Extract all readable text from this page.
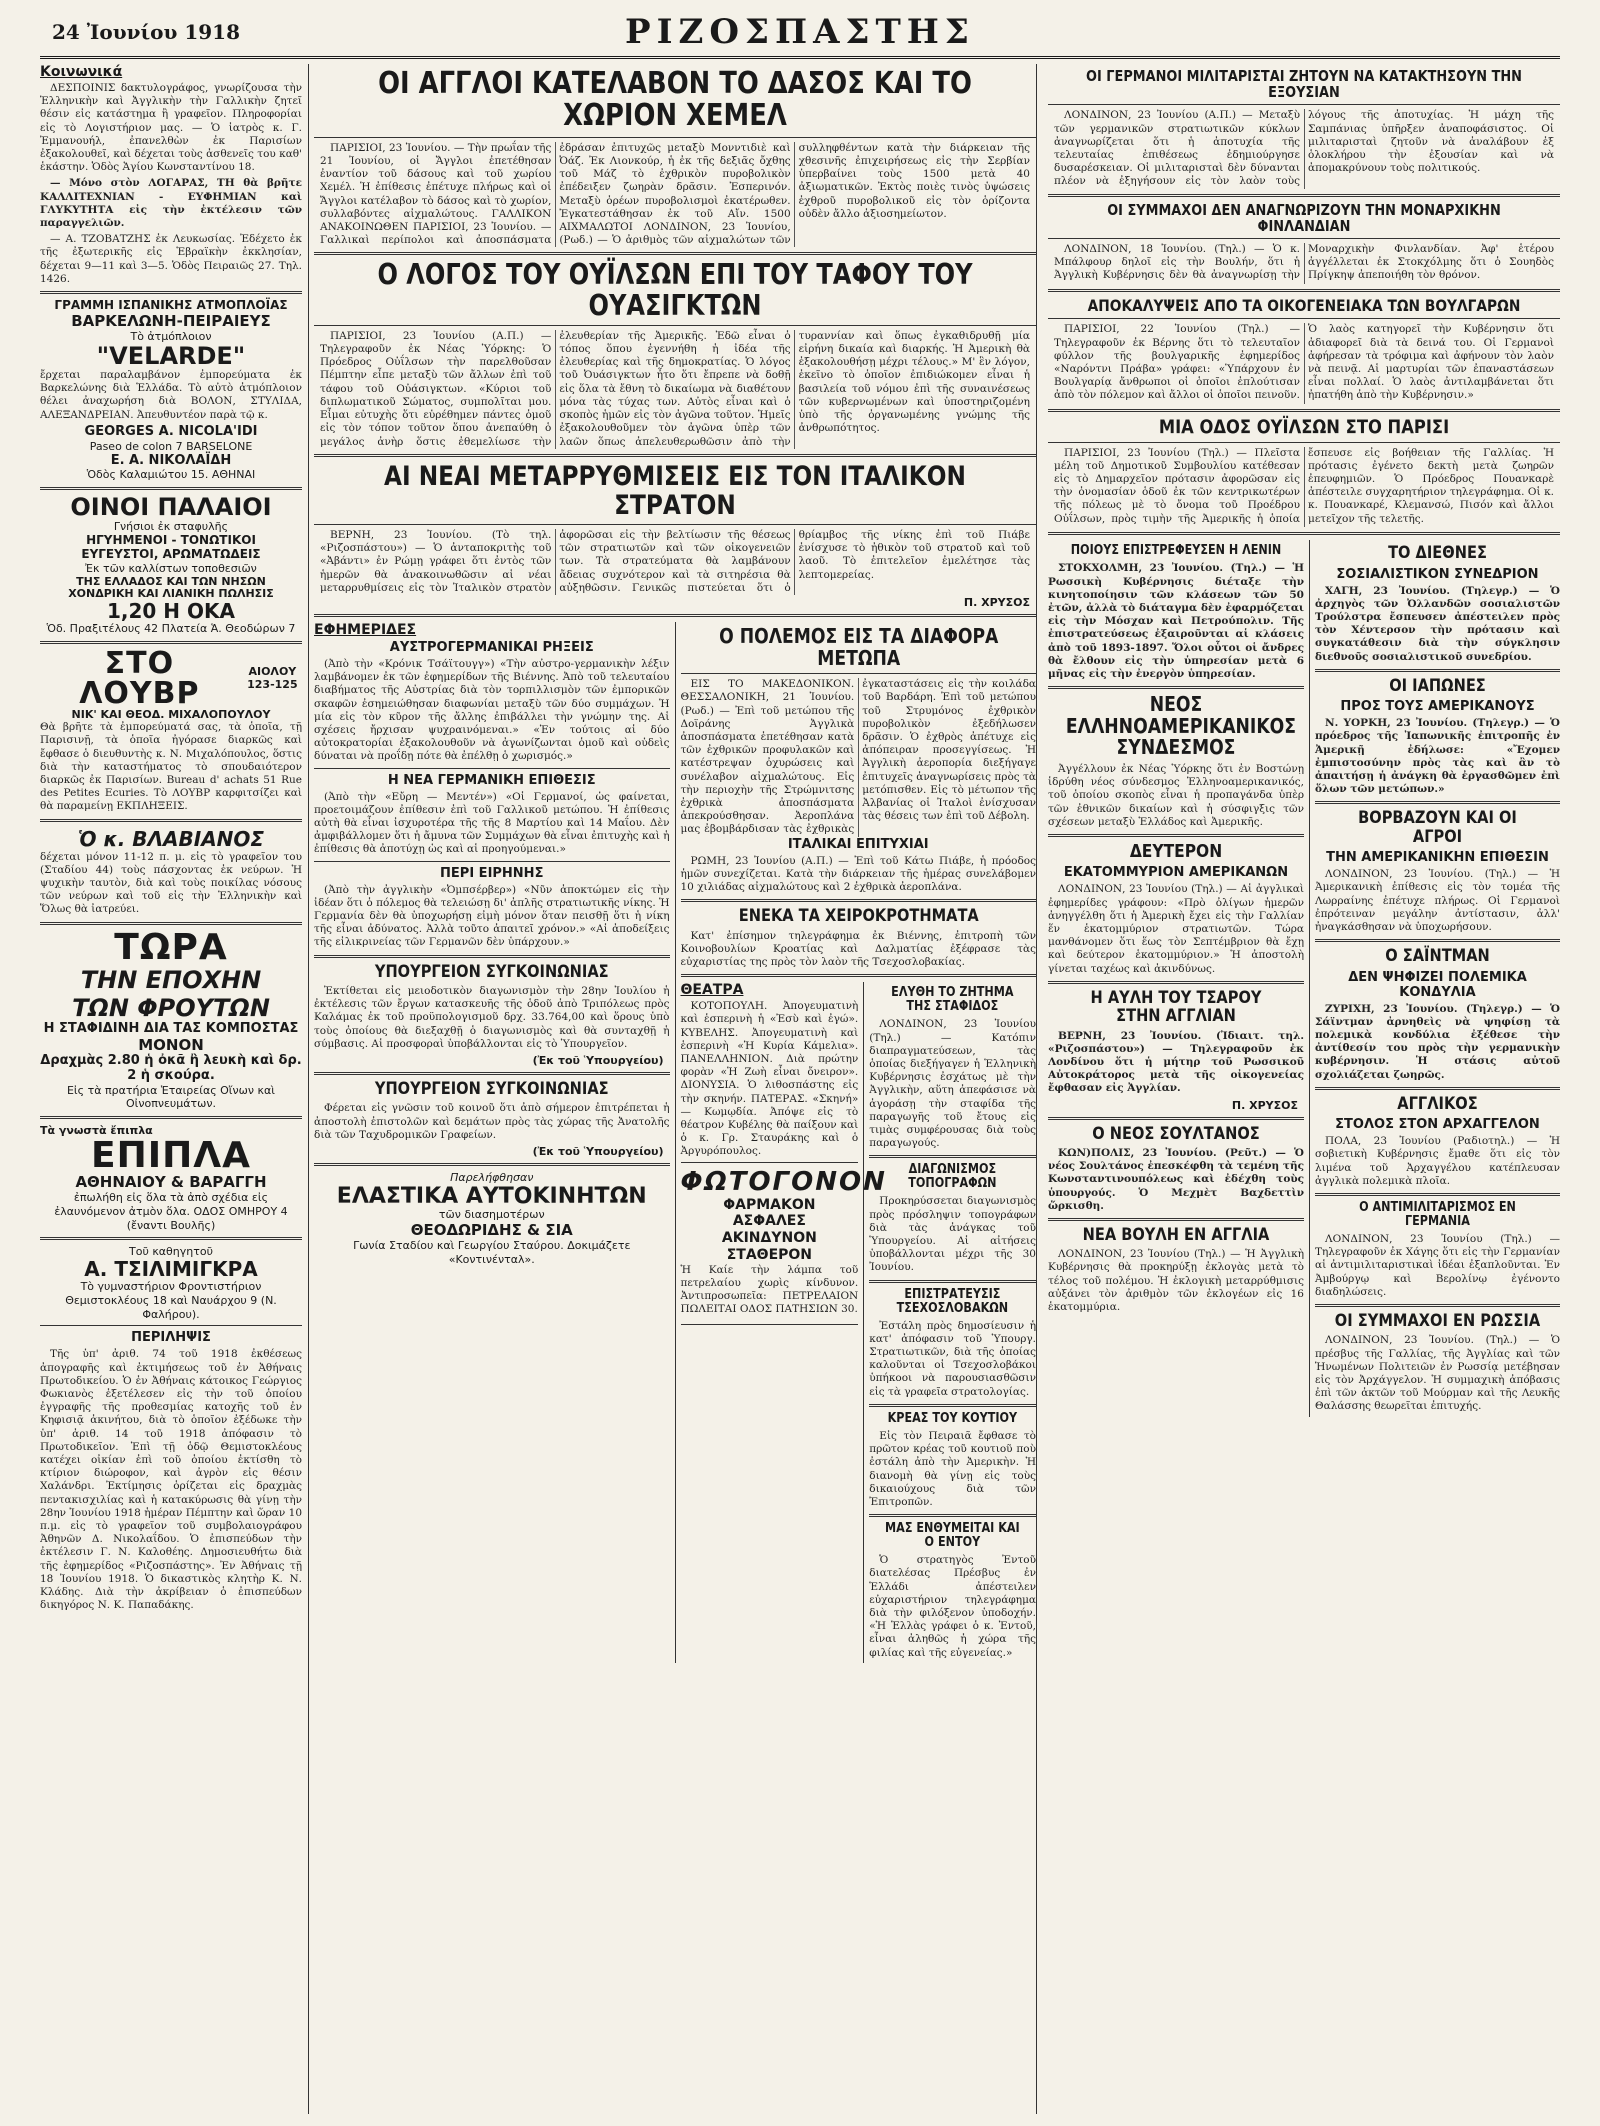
24 Ἰουνίου 1918	ΡΙΖΟΣΠΑΣΤΗΣ
Κοινωνικά

ΔΕΣΠΟΙΝΙΣ δακτυλογράφος, γνωρίζουσα τὴν Ἑλληνικὴν καὶ Ἀγγλικὴν τὴν Γαλλικὴν ζητεῖ θέσιν εἰς κατάστημα ἢ γραφεῖον. Πληροφορίαι εἰς τὸ Λογιστήριον μας. — Ὁ ἰατρὸς κ. Γ. Ἐμμανουήλ, ἐπανελθὼν ἐκ Παρισίων ἐξακολουθεῖ, καὶ δέχεται τοὺς ἀσθενεῖς του καθ' ἑκάστην. Ὁδὸς Ἁγίου Κωνσταντίνου 18.

— Μόνο στὸν ΛΟΓΑΡΑΣ, ΤΗ θὰ βρῆτε ΚΑΛΛΙΤΕΧΝΙΑΝ - ΕΥΦΗΜΙΑΝ καὶ ΓΛΥΚΥΤΗΤΑ εἰς τὴν ἐκτέλεσιν τῶν παραγγελιῶν.

— Α. ΤΖΟΒΑΤΖΗΣ ἐκ Λευκωσίας. Ἐδέχετο ἐκ τῆς ἐξωτερικῆς εἰς Ἑβραϊκὴν ἐκκλησίαν, δέχεται 9—11 καὶ 3—5. Ὁδὸς Πειραιῶς 27. Τηλ. 1426.

ΓΡΑΜΜΗ ΙΣΠΑΝΙΚΗΣ ΑΤΜΟΠΛΟΪΑΣ
ΒΑΡΚΕΛΩΝΗ-ΠΕΙΡΑΙΕΥΣ
Τὸ ἀτμόπλοιον
"VELARDE"

ἔρχεται παραλαμβάνον ἐμπορεύματα ἐκ Βαρκελώνης διὰ Ἑλλάδα. Τὸ αὐτὸ ἀτμόπλοιον θέλει ἀναχωρήση διὰ ΒΟΛΟΝ, ΣΤΥΛΙΔΑ, ΑΛΕΞΑΝΔΡΕΙΑΝ. Ἀπευθυντέον παρὰ τῷ κ.

GEORGES A. NICOLA'IDI
Paseo de colon 7 BARSELONE
Ε. Α. ΝΙΚΟΛΑΪΔΗ
Ὁδὸς Καλαμιώτου 15. ΑΘΗΝΑΙ
ΟΙΝΟΙ ΠΑΛΑΙΟΙ
Γνήσιοι ἐκ σταφυλῆς
ΗΓΥΗΜΕΝΟΙ - ΤΟΝΩΤΙΚΟΙ
ΕΥΓΕΥΣΤΟΙ, ΑΡΩΜΑΤΩΔΕΙΣ
Ἐκ τῶν καλλίστων τοποθεσιῶν
ΤΗΣ ΕΛΛΑΔΟΣ ΚΑΙ ΤΩΝ ΝΗΣΩΝ
ΧΟΝΔΡΙΚΗ ΚΑΙ ΛΙΑΝΙΚΗ ΠΩΛΗΣΙΣ
1,20 Η ΟΚΑ
Ὁδ. Πραξιτέλους 42 Πλατεία Ἁ. Θεοδώρων 7
ΣΤΟ ΛΟΥΒΡ
ΑΙΟΛΟΥ 123-125
ΝΙΚ' ΚΑΙ ΘΕΟΔ. ΜΙΧΑΛΟΠΟΥΛΟΥ

Θὰ βρῆτε τὰ ἐμπορεύματά σας, τὰ ὁποῖα, τῇ Παρισινῇ, τὰ ὁποῖα ἠγόρασε διαρκῶς καὶ ἔφθασε ὁ διευθυντὴς κ. Ν. Μιχαλόπουλος, ὅστις διὰ τὴν καταστήματος τὸ σπουδαιότερον διαρκῶς ἐκ Παρισίων. Bureau d' achats 51 Rue des Petites Ecuries. Τὸ ΛΟΥΒΡ καρφιτσίζει καὶ θὰ παραμείνῃ ΕΚΠΛΗΞΕΙΣ.

Ὁ κ. ΒΛΑΒΙΑΝΟΣ

δέχεται μόνον 11-12 π. μ. εἰς τὸ γραφεῖον του (Σταδίου 44) τοὺς πάσχοντας ἐκ νεύρων. Ἡ ψυχικὴν ταυτὸν, διὰ καὶ τοὺς ποικίλας νόσους τῶν νεύρων καὶ τοῦ εἰς τὴν Ἑλληνικὴν καὶ Ὅλως θὰ ἰατρεύει.

ΤΩΡΑ
ΤΗΝ ΕΠΟΧΗΝ
ΤΩΝ ΦΡΟΥΤΩΝ
Η ΣΤΑΦΙΔΙΝΗ ΔΙΑ ΤΑΣ ΚΟΜΠΟΣΤΑΣ
ΜΟΝΟΝ
Δραχμὰς 2.80 ἡ ὀκᾶ ἢ λευκὴ καὶ δρ. 2 ἡ σκούρα.
Εἰς τὰ πρατήρια Ἑταιρείας Οἴνων καὶ Οἰνοπνευμάτων.
Τὰ γνωστὰ ἔπιπλα
ΕΠΙΠΛΑ
ΑΘΗΝΑΙΟΥ & ΒΑΡΑΓΓΗ
ἐπωλήθη εἰς ὅλα τὰ ἀπὸ σχέδια εἰς ἐλαυνόμενον ἀτμὸν ὅλα. ΟΔΟΣ ΟΜΗΡΟΥ 4 (ἔναντι Βουλῆς)
Τοῦ καθηγητοῦ
Α. ΤΣΙΛΙΜΙΓΚΡΑ
Τὸ γυμναστήριον Φροντιστήριον Θεμιστοκλέους 18 καὶ Ναυάρχου 9 (Ν. Φαλήρου).
ΠΕΡΙΛΗΨΙΣ

Τῆς ὑπ' ἀριθ. 74 τοῦ 1918 ἐκθέσεως ἀπογραφῆς καὶ ἐκτιμήσεως τοῦ ἐν Ἀθήναις Πρωτοδικείου. Ὁ ἐν Ἀθήναις κάτοικος Γεώργιος Φωκιανὸς ἐξετέλεσεν εἰς τὴν τοῦ ὁποίου ἐγγραφῆς τῆς προθεσμίας κατοχῆς τοῦ ἐν Κηφισιᾷ ἀκινήτου, διὰ τὸ ὁποῖον ἐξέδωκε τὴν ὑπ' ἀριθ. 14 τοῦ 1918 ἀπόφασιν τὸ Πρωτοδικεῖον. Ἐπὶ τῇ ὁδῷ Θεμιστοκλέους κατέχει οἰκίαν ἐπὶ τοῦ ὁποίου ἐκτίσθη τὸ κτίριον διώροφον, καὶ ἀγρὸν εἰς θέσιν Χαλάνδρι. Ἐκτίμησις ὁρίζεται εἰς δραχμὰς πεντακισχιλίας καὶ ἡ κατακύρωσις θὰ γίνῃ τὴν 28ην Ἰουνίου 1918 ἡμέραν Πέμπτην καὶ ὥραν 10 π.μ. εἰς τὸ γραφεῖον τοῦ συμβολαιογράφου Ἀθηνῶν Δ. Νικολαΐδου. Ὁ ἐπισπεύδων τὴν ἐκτέλεσιν Γ. Ν. Καλοθέης. Δημοσιευθήτω διὰ τῆς ἐφημερίδος «Ριζοσπάστης». Ἐν Ἀθήναις τῇ 18 Ἰουνίου 1918. Ὁ δικαστικὸς κλητὴρ Κ. Ν. Κλάδης. Διὰ τὴν ἀκρίβειαν ὁ ἐπισπεύδων δικηγόρος Ν. Κ. Παπαδάκης.

ΟΙ ΑΓΓΛΟΙ ΚΑΤΕΛΑΒΟΝ ΤΟ ΔΑΣΟΣ ΚΑΙ ΤΟ ΧΩΡΙΟΝ ΧΕΜΕΛ

ΠΑΡΙΣΙΟΙ, 23 Ἰουνίου. — Τὴν πρωΐαν τῆς 21 Ἰουνίου, οἱ Ἄγγλοι ἐπετέθησαν ἐναντίον τοῦ δάσους καὶ τοῦ χωρίου Χεμέλ. Ἡ ἐπίθεσις ἐπέτυχε πλήρως καὶ οἱ Ἄγγλοι κατέλαβον τὸ δάσος καὶ τὸ χωρίον, συλλαβόντες αἰχμαλώτους. ΓΑΛΛΙΚΟΝ ΑΝΑΚΟΙΝΩΘΕΝ ΠΑΡΙΣΙΟΙ, 23 Ἰουνίου. — Γαλλικαὶ περίπολοι καὶ ἀποσπάσματα ἐδράσαν ἐπιτυχῶς μεταξὺ Μονντιδιὲ καὶ Ὀάζ. Ἐκ Λιονκούρ, ἡ ἐκ τῆς δεξιᾶς ὄχθης τοῦ Μάζ τὸ ἐχθρικὸν πυροβολικὸν ἐπέδειξεν ζωηρὰν δρᾶσιν. Ἐσπερινόν. Μεταξὺ ὀρέων πυροβολισμοὶ ἐκατέρωθεν. Ἐγκατεστάθησαν ἐκ τοῦ Αἴν. 1500 ΑΙΧΜΑΛΩΤΟΙ ΛΟΝΔΙΝΟΝ, 23 Ἰουνίου, (Ρωδ.) — Ὁ ἀριθμὸς τῶν αἰχμαλώτων τῶν συλληφθέντων κατὰ τὴν διάρκειαν τῆς χθεσινῆς ἐπιχειρήσεως εἰς τὴν Σερβίαν ὑπερβαίνει τοὺς 1500 μετὰ 40 ἀξιωματικῶν. Ἐκτὸς ποιὲς τινὸς ὑψώσεις ἐχθροῦ πυροβολικοῦ εἰς τὸν ὁρίζοντα οὐδὲν ἄλλο ἀξιοσημείωτον.

Ο ΛΟΓΟΣ ΤΟΥ ΟΥΪΛΣΩΝ ΕΠΙ ΤΟΥ ΤΑΦΟΥ ΤΟΥ ΟΥΑΣΙΓΚΤΩΝ

ΠΑΡΙΣΙΟΙ, 23 Ἰουνίου (Α.Π.) — Τηλεγραφοῦν ἐκ Νέας Ὑόρκης: Ὁ Πρόεδρος Οὐΐλσων τὴν παρελθοῦσαν Πέμπτην εἶπε μεταξὺ τῶν ἄλλων ἐπὶ τοῦ τάφου τοῦ Οὐάσιγκτων. «Κύριοι τοῦ διπλωματικοῦ Σώματος, συμπολῖται μου. Εἶμαι εὐτυχὴς ὅτι εὑρέθημεν πάντες ὁμοῦ εἰς τὸν τόπον τοῦτον ὅπου ἀνεπαύθη ὁ μεγάλος ἀνὴρ ὅστις ἐθεμελίωσε τὴν ἐλευθερίαν τῆς Ἀμερικῆς. Ἐδῶ εἶναι ὁ τόπος ὅπου ἐγεννήθη ἡ ἰδέα τῆς ἐλευθερίας καὶ τῆς δημοκρατίας. Ὁ λόγος τοῦ Ὀυάσιγκτων ἦτο ὅτι ἔπρεπε νὰ δοθῇ εἰς ὅλα τὰ ἔθνη τὸ δικαίωμα νὰ διαθέτουν μόνα τὰς τύχας των. Αὐτὸς εἶναι καὶ ὁ σκοπὸς ἡμῶν εἰς τὸν ἀγῶνα τοῦτον. Ἡμεῖς ἐξακολουθοῦμεν τὸν ἀγῶνα ὑπὲρ τῶν λαῶν ὅπως ἀπελευθερωθῶσιν ἀπὸ τὴν τυραννίαν καὶ ὅπως ἐγκαθιδρυθῇ μία εἰρήνη δικαία καὶ διαρκής. Ἡ Ἀμερικὴ θὰ ἐξακολουθήσῃ μέχρι τέλους.» Μ' ἓν λόγον, ἐκεῖνο τὸ ὁποῖον ἐπιδιώκομεν εἶναι ἡ βασιλεία τοῦ νόμου ἐπὶ τῆς συναινέσεως τῶν κυβερνωμένων καὶ ὑποστηριζομένη ὑπὸ τῆς ὀργανωμένης γνώμης τῆς ἀνθρωπότητος.

ΑΙ ΝΕΑΙ ΜΕΤΑΡΡΥΘΜΙΣΕΙΣ ΕΙΣ ΤΟΝ ΙΤΑΛΙΚΟΝ ΣΤΡΑΤΟΝ

ΒΕΡΝΗ, 23 Ἰουνίου. (Τὸ τηλ. «Ριζοσπάστου») — Ὁ ἀνταποκριτὴς τοῦ «Ἀβάντι» ἐν Ρώμῃ γράφει ὅτι ἐντὸς τῶν ἡμερῶν θὰ ἀνακοινωθῶσιν αἱ νέαι μεταρρυθμίσεις εἰς τὸν Ἰταλικὸν στρατὸν ἀφορῶσαι εἰς τὴν βελτίωσιν τῆς θέσεως τῶν στρατιωτῶν καὶ τῶν οἰκογενειῶν των. Τὰ στρατεύματα θὰ λαμβάνουν ἄδειας συχνότερον καὶ τὰ σιτηρέσια θὰ αὐξηθῶσιν. Γενικῶς πιστεύεται ὅτι ὁ θρίαμβος τῆς νίκης ἐπὶ τοῦ Πιάβε ἐνίσχυσε τὸ ἠθικὸν τοῦ στρατοῦ καὶ τοῦ λαοῦ. Τὸ ἐπιτελεῖον ἐμελέτησε τὰς λεπτομερείας.

Π. ΧΡΥΣΟΣ
ΕΦΗΜΕΡΙΔΕΣ
ΑΥΣΤΡΟΓΕΡΜΑΝΙΚΑΙ ΡΗΞΕΙΣ

(Ἀπὸ τὴν «Κρόνικ Τσάϊτουγγ») «Τὴν αὐστρο-γερμανικὴν λέξιν λαμβάνομεν ἐκ τῶν ἐφημερίδων τῆς Βιέννης. Ἀπὸ τοῦ τελευταίου διαβήματος τῆς Αὐστρίας διὰ τὸν τορπιλλισμὸν τῶν ἐμπορικῶν σκαφῶν ἐσημειώθησαν διαφωνίαι μεταξὺ τῶν δύο συμμάχων. Ἡ μία εἰς τὸν κῦρον τῆς ἄλλης ἐπιβάλλει τὴν γνώμην της. Αἱ σχέσεις ἤρχισαν ψυχραινόμεναι.» «Ἐν τούτοις αἱ δύο αὐτοκρατορίαι ἐξακολουθοῦν νὰ ἀγωνίζωνται ὁμοῦ καὶ οὐδεὶς δύναται νὰ προΐδῃ πότε θὰ ἐπέλθῃ ὁ χωρισμός.»

Η ΝΕΑ ΓΕΡΜΑΝΙΚΗ ΕΠΙΘΕΣΙΣ

(Ἀπὸ τὴν «Εὔρη — Μεντέν») «Οἱ Γερμανοί, ὡς φαίνεται, προετοιμάζουν ἐπίθεσιν ἐπὶ τοῦ Γαλλικοῦ μετώπου. Ἡ ἐπίθεσις αὐτὴ θὰ εἶναι ἰσχυροτέρα τῆς τῆς 8 Μαρτίου καὶ 14 Μαΐου. Δὲν ἀμφιβάλλομεν ὅτι ἡ ἄμυνα τῶν Συμμάχων θὰ εἶναι ἐπιτυχὴς καὶ ἡ ἐπίθεσις θὰ ἀποτύχῃ ὡς καὶ αἱ προηγούμεναι.»

ΠΕΡΙ ΕΙΡΗΝΗΣ

(Ἀπὸ τὴν ἀγγλικὴν «Ὀμπσέρβερ») «Νῦν ἀποκτώμεν εἰς τὴν ἰδέαν ὅτι ὁ πόλεμος θὰ τελειώσῃ δι' ἀπλῆς στρατιωτικῆς νίκης. Ἡ Γερμανία δὲν θὰ ὑποχωρήσῃ εἰμὴ μόνον ὅταν πεισθῇ ὅτι ἡ νίκη τῆς εἶναι ἀδύνατος. Ἀλλὰ τοῦτο ἀπαιτεῖ χρόνον.» «Αἱ ἀποδείξεις τῆς εἰλικρινείας τῶν Γερμανῶν δὲν ὑπάρχουν.»

ΥΠΟΥΡΓΕΙΟΝ ΣΥΓΚΟΙΝΩΝΙΑΣ

Ἐκτίθεται εἰς μειοδοτικὸν διαγωνισμὸν τὴν 28ην Ἰουλίου ἡ ἐκτέλεσις τῶν ἔργων κατασκευῆς τῆς ὁδοῦ ἀπὸ Τριπόλεως πρὸς Καλάμας ἐκ τοῦ προϋπολογισμοῦ δρχ. 33.764,00 καὶ ὅρους ὑπὸ τοὺς ὁποίους θὰ διεξαχθῇ ὁ διαγωνισμὸς καὶ θὰ συνταχθῇ ἡ σύμβασις. Αἱ προσφοραὶ ὑποβάλλονται εἰς τὸ Ὑπουργεῖον.

(Ἐκ τοῦ Ὑπουργείου)
ΥΠΟΥΡΓΕΙΟΝ ΣΥΓΚΟΙΝΩΝΙΑΣ

Φέρεται εἰς γνῶσιν τοῦ κοινοῦ ὅτι ἀπὸ σήμερον ἐπιτρέπεται ἡ ἀποστολὴ ἐπιστολῶν καὶ δεμάτων πρὸς τὰς χώρας τῆς Ἀνατολῆς διὰ τῶν Ταχυδρομικῶν Γραφείων.

(Ἐκ τοῦ Ὑπουργείου)
Παρελήφθησαν
ΕΛΑΣΤΙΚΑ ΑΥΤΟΚΙΝΗΤΩΝ
τῶν διασημοτέρων
ΘΕΟΔΩΡΙΔΗΣ & ΣΙΑ
Γωνία Σταδίου καὶ Γεωργίου Σταύρου. Δοκιμάζετε «Κοντινένταλ».
Ο ΠΟΛΕΜΟΣ ΕΙΣ ΤΑ ΔΙΑΦΟΡΑ ΜΕΤΩΠΑ

ΕΙΣ ΤΟ ΜΑΚΕΔΟΝΙΚΟΝ. ΘΕΣΣΑΛΟΝΙΚΗ, 21 Ἰουνίου. (Ρωδ.) — Ἐπὶ τοῦ μετώπου τῆς Δοϊράνης Ἀγγλικὰ ἀποσπάσματα ἐπετέθησαν κατὰ τῶν ἐχθρικῶν προφυλακῶν καὶ κατέστρεψαν ὀχυρώσεις καὶ συνέλαβον αἰχμαλώτους. Εἰς τὴν περιοχὴν τῆς Στρώμνιτσης ἐχθρικὰ ἀποσπάσματα ἀπεκρούσθησαν. Ἀεροπλάνα μας ἐβομβάρδισαν τὰς ἐχθρικὰς ἐγκαταστάσεις εἰς τὴν κοιλάδα τοῦ Βαρδάρη. Ἐπὶ τοῦ μετώπου τοῦ Στρυμόνος ἐχθρικὸν πυροβολικὸν ἐξεδήλωσεν δρᾶσιν. Ὁ ἐχθρὸς ἀπέτυχε εἰς ἀπόπειραν προσεγγίσεως. Ἡ Ἀγγλικὴ ἀεροπορία διεξήγαγε ἐπιτυχεῖς ἀναγνωρίσεις πρὸς τὰ μετόπισθεν. Εἰς τὸ μέτωπον τῆς Ἀλβανίας οἱ Ἰταλοὶ ἐνίσχυσαν τὰς θέσεις των ἐπὶ τοῦ Δέβολη.

ΙΤΑΛΙΚΑΙ ΕΠΙΤΥΧΙΑΙ

ΡΩΜΗ, 23 Ἰουνίου (Α.Π.) — Ἐπὶ τοῦ Κάτω Πιάβε, ἡ πρόοδος ἡμῶν συνεχίζεται. Κατὰ τὴν διάρκειαν τῆς ἡμέρας συνελάβομεν 10 χιλιάδας αἰχμαλώτους καὶ 2 ἐχθρικὰ ἀεροπλάνα.

ΕΝΕΚΑ ΤΑ ΧΕΙΡΟΚΡΟΤΗΜΑΤΑ

Κατ' ἐπίσημον τηλεγράφημα ἐκ Βιέννης, ἐπιτροπὴ τῶν Κοινοβουλίων Κροατίας καὶ Δαλματίας ἐξέφρασε τὰς εὐχαριστίας της πρὸς τὸν λαὸν τῆς Τσεχοσλοβακίας.

ΘΕΑΤΡΑ

ΚΟΤΟΠΟΥΛΗ. Ἀπογευματινὴ καὶ ἑσπερινὴ ἡ «Ἐσὺ καὶ ἐγώ». ΚΥΒΕΛΗΣ. Ἀπογευματινὴ καὶ ἑσπερινὴ «Ἡ Κυρία Κάμελια». ΠΑΝΕΛΛΗΝΙΟΝ. Διὰ πρώτην φορὰν «Ἡ Ζωὴ εἶναι ὄνειρον». ΔΙΟΝΥΣΙΑ. Ὁ λιθοσπάστης εἰς τὴν σκηνήν. ΠΑΤΕΡΑΣ. «Σκηνή» — Κωμῳδία. Ἀπόψε εἰς τὸ θέατρον Κυβέλης θὰ παίξουν καὶ ὁ κ. Γρ. Σταυράκης καὶ ὁ Ἀργυρόπουλος.

ΦΩΤΟΓΟΝΟΝ
ΦΑΡΜΑΚΟΝ
ΑΣΦΑΛΕΣ
ΑΚΙΝΔΥΝΟΝ
ΣΤΑΘΕΡΟΝ

Ἡ Καίε τὴν λάμπα τοῦ πετρελαίου χωρὶς κίνδυνον. Ἀντιπροσωπεῖα: ΠΕΤΡΕΛΑΙΟΝ ΠΩΛΕΙΤΑΙ ΟΔΟΣ ΠΑΤΗΣΙΩΝ 30.

ΕΛΥΘΗ ΤΟ ΖΗΤΗΜΑ ΤΗΣ ΣΤΑΦΙΔΟΣ

ΛΟΝΔΙΝΟΝ, 23 Ἰουνίου (Τηλ.) — Κατόπιν διαπραγματεύσεων, τὰς ὁποίας διεξήγαγεν ἡ Ἑλληνικὴ Κυβέρνησις ἐσχάτως μὲ τὴν Ἀγγλικὴν, αὕτη ἀπεφάσισε νὰ ἀγοράσῃ τὴν σταφίδα τῆς παραγωγῆς τοῦ ἔτους εἰς τιμὰς συμφέρουσας διὰ τοὺς παραγωγούς.

ΔΙΑΓΩΝΙΣΜΟΣ ΤΟΠΟΓΡΑΦΩΝ

Προκηρύσσεται διαγωνισμὸς πρὸς πρόσληψιν τοπογράφων διὰ τὰς ἀνάγκας τοῦ Ὑπουργείου. Αἱ αἰτήσεις ὑποβάλλονται μέχρι τῆς 30 Ἰουνίου.

ΕΠΙΣΤΡΑΤΕΥΣΙΣ ΤΣΕΧΟΣΛΟΒΑΚΩΝ

Ἐστάλη πρὸς δημοσίευσιν ἡ κατ' ἀπόφασιν τοῦ Ὑπουργ. Στρατιωτικῶν, διὰ τῆς ὁποίας καλοῦνται οἱ Τσεχοσλοβάκοι ὑπήκοοι νὰ παρουσιασθῶσιν εἰς τὰ γραφεῖα στρατολογίας.

ΚΡΕΑΣ ΤΟΥ ΚΟΥΤΙΟΥ

Εἰς τὸν Πειραιᾶ ἔφθασε τὸ πρῶτον κρέας τοῦ κουτιοῦ ποὺ ἐστάλη ἀπὸ τὴν Ἀμερικὴν. Ἡ διανομὴ θὰ γίνῃ εἰς τοὺς δικαιούχους διὰ τῶν Ἐπιτροπῶν.

ΜΑΣ ΕΝΘΥΜΕΙΤΑΙ ΚΑΙ Ο ΕΝΤΟΥ

Ὁ στρατηγὸς Ἐντοῦ διατελέσας Πρέσβυς ἐν Ἑλλάδι ἀπέστειλεν εὐχαριστήριον τηλεγράφημα διὰ τὴν φιλόξενον ὑποδοχήν. «Ἡ Ἑλλὰς γράφει ὁ κ. Ἐντοῦ, εἶναι ἀληθῶς ἡ χώρα τῆς φιλίας καὶ τῆς εὐγενείας.»

ΟΙ ΓΕΡΜΑΝΟΙ ΜΙΛΙΤΑΡΙΣΤΑΙ ΖΗΤΟΥΝ ΝΑ ΚΑΤΑΚΤΗΣΟΥΝ ΤΗΝ ΕΞΟΥΣΙΑΝ

ΛΟΝΔΙΝΟΝ, 23 Ἰουνίου (Α.Π.) — Μεταξὺ τῶν γερμανικῶν στρατιωτικῶν κύκλων ἀναγνωρίζεται ὅτι ἡ ἀποτυχία τῆς τελευταίας ἐπιθέσεως ἐδημιούργησε δυσαρέσκειαν. Οἱ μιλιταρισταὶ δὲν δύνανται πλέον νὰ ἐξηγήσουν εἰς τὸν λαὸν τοὺς λόγους τῆς ἀποτυχίας. Ἡ μάχη τῆς Σαμπάνιας ὑπῆρξεν ἀναποφάσιστος. Οἱ μιλιταρισταὶ ζητοῦν νὰ ἀναλάβουν ἐξ ὁλοκλήρου τὴν ἐξουσίαν καὶ νὰ ἀπομακρύνουν τοὺς πολιτικούς.

ΟΙ ΣΥΜΜΑΧΟΙ ΔΕΝ ΑΝΑΓΝΩΡΙΖΟΥΝ ΤΗΝ ΜΟΝΑΡΧΙΚΗΝ ΦΙΝΛΑΝΔΙΑΝ

ΛΟΝΔΙΝΟΝ, 18 Ἰουνίου. (Τηλ.) — Ὁ κ. Μπάλφουρ δηλοῖ εἰς τὴν Βουλήν, ὅτι ἡ Ἀγγλικὴ Κυβέρνησις δὲν θὰ ἀναγνωρίσῃ τὴν Μοναρχικὴν Φινλανδίαν. Ἀφ' ἑτέρου ἀγγέλλεται ἐκ Στοκχόλμης ὅτι ὁ Σουηδὸς Πρίγκηψ ἀπεποιήθη τὸν θρόνον.

ΑΠΟΚΑΛΥΨΕΙΣ ΑΠΟ ΤΑ ΟΙΚΟΓΕΝΕΙΑΚΑ ΤΩΝ ΒΟΥΛΓΑΡΩΝ

ΠΑΡΙΣΙΟΙ, 22 Ἰουνίου (Τηλ.) — Τηλεγραφοῦν ἐκ Βέρνης ὅτι τὸ τελευταῖον φύλλον τῆς βουλγαρικῆς ἐφημερίδος «Ναρόντνι Πράβα» γράφει: «Ὑπάρχουν ἐν Βουλγαρίᾳ ἄνθρωποι οἱ ὁποῖοι ἐπλούτισαν ἀπὸ τὸν πόλεμον καὶ ἄλλοι οἱ ὁποῖοι πεινοῦν. Ὁ λαὸς κατηγορεῖ τὴν Κυβέρνησιν ὅτι ἀδιαφορεῖ διὰ τὰ δεινά του. Οἱ Γερμανοὶ ἀφήρεσαν τὰ τρόφιμα καὶ ἀφήνουν τὸν λαὸν νὰ πεινᾷ. Αἱ μαρτυρίαι τῶν ἐπαναστάσεων εἶναι πολλαί. Ὁ λαὸς ἀντιλαμβάνεται ὅτι ἠπατήθη ἀπὸ τὴν Κυβέρνησιν.»

ΜΙΑ ΟΔΟΣ ΟΥΪΛΣΩΝ ΣΤΟ ΠΑΡΙΣΙ

ΠΑΡΙΣΙΟΙ, 23 Ἰουνίου (Τηλ.) — Πλεῖστα μέλη τοῦ Δημοτικοῦ Συμβουλίου κατέθεσαν εἰς τὸ Δημαρχεῖον πρότασιν ἀφορῶσαν εἰς τὴν ὀνομασίαν ὁδοῦ ἐκ τῶν κεντρικωτέρων τῆς πόλεως μὲ τὸ ὄνομα τοῦ Προέδρου Οὐΐλσων, πρὸς τιμὴν τῆς Ἀμερικῆς ἡ ὁποία ἔσπευσε εἰς βοήθειαν τῆς Γαλλίας. Ἡ πρότασις ἐγένετο δεκτὴ μετὰ ζωηρῶν ἐπευφημιῶν. Ὁ Πρόεδρος Πουανκαρὲ ἀπέστειλε συγχαρητήριον τηλεγράφημα. Οἱ κ. κ. Πουανκαρέ, Κλεμανσώ, Πισόν καὶ ἄλλοι μετεῖχον τῆς τελετῆς.

ΠΟΙΟΥΣ ΕΠΙΣΤΡΕΦΕΥΣΕΝ Η ΛΕΝΙΝ

ΣΤΟΚΧΟΛΜΗ, 23 Ἰουνίου. (Τηλ.) — Ἡ Ρωσσικὴ Κυβέρνησις διέταξε τὴν κινητοποίησιν τῶν κλάσεων τῶν 50 ἐτῶν, ἀλλὰ τὸ διάταγμα δὲν ἐφαρμόζεται εἰς τὴν Μόσχαν καὶ Πετρούπολιν. Τῆς ἐπιστρατεύσεως ἐξαιροῦνται αἱ κλάσεις ἀπὸ τοῦ 1893-1897. Ὅλοι οὗτοι οἱ ἄνδρες θὰ ἔλθουν εἰς τὴν ὑπηρεσίαν μετὰ 6 μῆνας εἰς τὴν ἐνεργὸν ὑπηρεσίαν.

ΝΕΟΣ ΕΛΛΗΝΟΑΜΕΡΙΚΑΝΙΚΟΣ ΣΥΝΔΕΣΜΟΣ

Ἀγγέλλουν ἐκ Νέας Ὑόρκης ὅτι ἐν Βοστώνῃ ἱδρύθη νέος σύνδεσμος Ἑλληνοαμερικανικός, τοῦ ὁποίου σκοπὸς εἶναι ἡ προπαγάνδα ὑπὲρ τῶν ἐθνικῶν δικαίων καὶ ἡ σύσφιγξις τῶν σχέσεων μεταξὺ Ἑλλάδος καὶ Ἀμερικῆς.

ΔΕΥΤΕΡΟΝ
ΕΚΑΤΟΜΜΥΡΙΟΝ ΑΜΕΡΙΚΑΝΩΝ

ΛΟΝΔΙΝΟΝ, 23 Ἰουνίου (Τηλ.) — Αἱ ἀγγλικαὶ ἐφημερίδες γράφουν: «Πρὸ ὀλίγων ἡμερῶν ἀνηγγέλθη ὅτι ἡ Ἀμερικὴ ἔχει εἰς τὴν Γαλλίαν ἕν ἑκατομμύριον στρατιωτῶν. Τώρα μανθάνομεν ὅτι ἕως τὸν Σεπτέμβριον θὰ ἔχῃ καὶ δεύτερον ἑκατομμύριον.» Ἡ ἀποστολὴ γίνεται ταχέως καὶ ἀκινδύνως.

Η ΑΥΛΗ ΤΟΥ ΤΣΑΡΟΥ ΣΤΗΝ ΑΓΓΛΙΑΝ

ΒΕΡΝΗ, 23 Ἰουνίου. (Ἰδιαιτ. τηλ. «Ριζοσπάστου») — Τηλεγραφοῦν ἐκ Λονδίνου ὅτι ἡ μήτηρ τοῦ Ρωσσικοῦ Αὐτοκράτορος μετὰ τῆς οἰκογενείας ἔφθασαν εἰς Ἀγγλίαν.

Π. ΧΡΥΣΟΣ
Ο ΝΕΟΣ ΣΟΥΛΤΑΝΟΣ

ΚΩΝ)ΠΟΛΙΣ, 23 Ἰουνίου. (Ρεῦτ.) — Ὁ νέος Σουλτάνος ἐπεσκέφθη τὰ τεμένη τῆς Κωνσταντινουπόλεως καὶ ἐδέχθη τοὺς ὑπουργούς. Ὁ Μεχμὲτ Βαχδεττὶν ὥρκισθη.

ΝΕΑ ΒΟΥΛΗ ΕΝ ΑΓΓΛΙΑ

ΛΟΝΔΙΝΟΝ, 23 Ἰουνίου (Τηλ.) — Ἡ Ἀγγλικὴ Κυβέρνησις θὰ προκηρύξῃ ἐκλογὰς μετὰ τὸ τέλος τοῦ πολέμου. Ἡ ἐκλογικὴ μεταρρύθμισις αὐξάνει τὸν ἀριθμὸν τῶν ἐκλογέων εἰς 16 ἑκατομμύρια.

ΤΟ ΔΙΕΘΝΕΣ
ΣΟΣΙΑΛΙΣΤΙΚΟΝ ΣΥΝΕΔΡΙΟΝ

ΧΑΓΗ, 23 Ἰουνίου. (Τηλεγρ.) — Ὁ ἀρχηγὸς τῶν Ὀλλανδῶν σοσιαλιστῶν Τρούλστρα ἔσπευσεν ἀπέστειλεν πρὸς τὸν Χέντερσον τὴν πρότασιν καὶ συγκατάθεσιν διὰ τὴν σύγκλησιν διεθνοῦς σοσιαλιστικοῦ συνεδρίου.

ΟΙ ΙΑΠΩΝΕΣ
ΠΡΟΣ ΤΟΥΣ ΑΜΕΡΙΚΑΝΟΥΣ

Ν. ΥΟΡΚΗ, 23 Ἰουνίου. (Τηλεγρ.) — Ὁ πρόεδρος τῆς Ἰαπωνικῆς ἐπιτροπῆς ἐν Ἀμερικῇ ἐδήλωσε: «Ἔχομεν ἐμπιστοσύνην πρὸς τὰς καὶ ἂν τὸ ἀπαιτήσῃ ἡ ἀνάγκη θὰ ἐργασθῶμεν ἐπὶ ὅλων τῶν μετώπων.»

ΒΟΡΒΑΖΟΥΝ ΚΑΙ ΟΙ ΑΓΡΟΙ
ΤΗΝ ΑΜΕΡΙΚΑΝΙΚΗΝ ΕΠΙΘΕΣΙΝ

ΛΟΝΔΙΝΟΝ, 23 Ἰουνίου. (Τηλ.) — Ἡ Ἀμερικανικὴ ἐπίθεσις εἰς τὸν τομέα τῆς Λωρραίνης ἐπέτυχε πλήρως. Οἱ Γερμανοὶ ἐπρότειναν μεγάλην ἀντίστασιν, ἀλλ' ἠναγκάσθησαν νὰ ὑποχωρήσουν.

Ο ΣΑΪΝΤΜΑΝ
ΔΕΝ ΨΗΦΙΖΕΙ ΠΟΛΕΜΙΚΑ ΚΟΝΔΥΛΙΑ

ΖΥΡΙΧΗ, 23 Ἰουνίου. (Τηλεγρ.) — Ὁ Σάϊντμαν ἀρνηθεὶς νὰ ψηφίσῃ τὰ πολεμικὰ κονδύλια ἐξέθεσε τὴν ἀντίθεσίν του πρὸς τὴν γερμανικὴν κυβέρνησιν. Ἡ στάσις αὐτοῦ σχολιάζεται ζωηρῶς.

ΑΓΓΛΙΚΟΣ
ΣΤΟΛΟΣ ΣΤΟΝ ΑΡΧΑΓΓΕΛΟΝ

ΠΟΛΑ, 23 Ἰουνίου (Ραδιοτηλ.) — Ἡ σοβιετικὴ Κυβέρνησις ἔμαθε ὅτι εἰς τὸν λιμένα τοῦ Ἀρχαγγέλου κατέπλευσαν ἀγγλικὰ πολεμικὰ πλοῖα.

Ο ΑΝΤΙΜΙΛΙΤΑΡΙΣΜΟΣ ΕΝ ΓΕΡΜΑΝΙΑ

ΛΟΝΔΙΝΟΝ, 23 Ἰουνίου (Τηλ.) — Τηλεγραφοῦν ἐκ Χάγης ὅτι εἰς τὴν Γερμανίαν αἱ ἀντιμιλιταριστικαὶ ἰδέαι ἐξαπλοῦνται. Ἐν Ἀμβούργῳ καὶ Βερολίνῳ ἐγένοντο διαδηλώσεις.

ΟΙ ΣΥΜΜΑΧΟΙ ΕΝ ΡΩΣΣΙΑ

ΛΟΝΔΙΝΟΝ, 23 Ἰουνίου. (Τηλ.) — Ὁ πρέσβυς τῆς Γαλλίας, τῆς Ἀγγλίας καὶ τῶν Ἡνωμένων Πολιτειῶν ἐν Ρωσσίᾳ μετέβησαν εἰς τὸν Ἀρχάγγελον. Ἡ συμμαχικὴ ἀπόβασις ἐπὶ τῶν ἀκτῶν τοῦ Μούρμαν καὶ τῆς Λευκῆς Θαλάσσης θεωρεῖται ἐπιτυχής.
